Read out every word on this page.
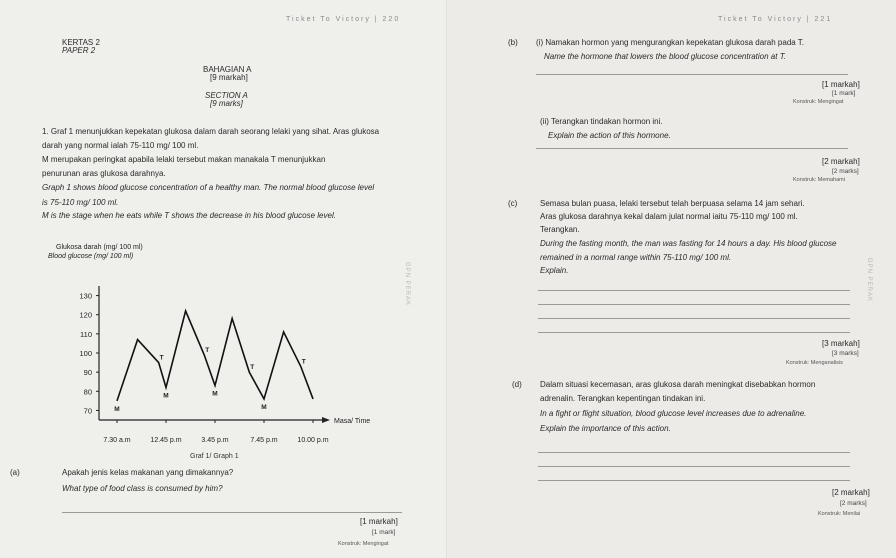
Ticket To Victory | 220
KERTAS 2
PAPER 2
BAHAGIAN A
[9 markah]
SECTION A
[9 marks]
1. Graf 1 menunjukkan kepekatan glukosa dalam darah seorang lelaki yang sihat. Aras glukosa
darah yang normal ialah 75-110 mg/ 100 ml.
M merupakan peringkat apabila lelaki tersebut makan manakala T menunjukkan
penurunan aras glukosa darahnya.
Graph 1 shows blood glucose concentration of a healthy man. The normal blood glucose level
is 75-110 mg/ 100 ml.
M is the stage when he eats while T shows the decrease in his blood glucose level.
Glukosa darah (mg/ 100 ml)
Blood glucose (mg/ 100 ml)
Masa/ Time
70
80
90
100
110
120
130
7.30 a.m	12.45 p.m	3.45 p.m	7.45 p.m	10.00 p.m
M
T
M
T
M
T
M
T
Graf 1/ Graph 1
(a)	Apakah jenis kelas makanan yang dimakannya?
What type of food class is consumed by him?
[1 markah]
[1 mark]
Konstruk: Mengingat
Ticket To Victory | 221
(b) (i) Namakan hormon yang mengurangkan kepekatan glukosa darah pada T.
Name the hormone that lowers the blood glucose concentration at T.
[1 markah]
[1 mark]
Konstruk: Mengingat
(ii) Terangkan tindakan hormon ini.
Explain the action of this hormone.
[2 markah]
[2 marks]
Konstruk: Memahami
(c)	Semasa bulan puasa, lelaki tersebut telah berpuasa selama 14 jam sehari.
Aras glukosa darahnya kekal dalam julat normal iaitu 75-110 mg/ 100 ml.
Terangkan.
During the fasting month, the man was fasting for 14 hours a day. His blood glucose
remained in a normal range within 75-110 mg/ 100 ml.
Explain.
[3 markah]
[3 marks]
Konstruk: Menganalisis
(d) Dalam situasi kecemasan, aras glukosa darah meningkat disebabkan hormon
adrenalin. Terangkan kepentingan tindakan ini.
In a fight or flight situation, blood glucose level increases due to adrenaline.
Explain the importance of this action.
[2 markah]
[2 marks]
Konstruk: Menilai
GPN PERAK	GPN PERAK
